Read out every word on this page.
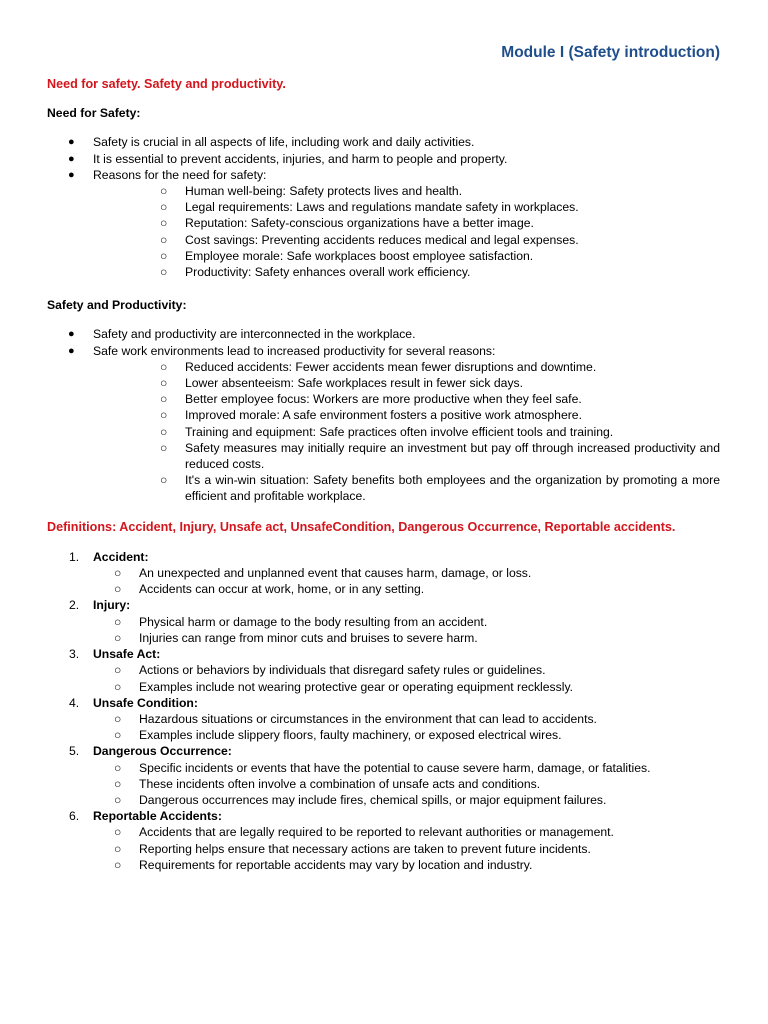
Module I (Safety introduction)

Need for safety. Safety and productivity.

Need for Safety:

● Safety is crucial in all aspects of life, including work and daily activities.
● It is essential to prevent accidents, injuries, and harm to people and property.
● Reasons for the need for safety:
○ Human well-being: Safety protects lives and health.
○ Legal requirements: Laws and regulations mandate safety in workplaces.
○ Reputation: Safety-conscious organizations have a better image.
○ Cost savings: Preventing accidents reduces medical and legal expenses.
○ Employee morale: Safe workplaces boost employee satisfaction.
○ Productivity: Safety enhances overall work efficiency.

Safety and Productivity:

● Safety and productivity are interconnected in the workplace.
● Safe work environments lead to increased productivity for several reasons:
○ Reduced accidents: Fewer accidents mean fewer disruptions and downtime.
○ Lower absenteeism: Safe workplaces result in fewer sick days.
○ Better employee focus: Workers are more productive when they feel safe.
○ Improved morale: A safe environment fosters a positive work atmosphere.
○ Training and equipment: Safe practices often involve efficient tools and training.
○ Safety measures may initially require an investment but pay off through increased productivity and reduced costs.
○ It's a win-win situation: Safety benefits both employees and the organization by promoting a more efficient and profitable workplace.

Definitions: Accident, Injury, Unsafe act, UnsafeCondition, Dangerous Occurrence, Reportable accidents.

1. Accident:
○ An unexpected and unplanned event that causes harm, damage, or loss.
○ Accidents can occur at work, home, or in any setting.
2. Injury:
○ Physical harm or damage to the body resulting from an accident.
○ Injuries can range from minor cuts and bruises to severe harm.
3. Unsafe Act:
○ Actions or behaviors by individuals that disregard safety rules or guidelines.
○ Examples include not wearing protective gear or operating equipment recklessly.
4. Unsafe Condition:
○ Hazardous situations or circumstances in the environment that can lead to accidents.
○ Examples include slippery floors, faulty machinery, or exposed electrical wires.
5. Dangerous Occurrence:
○ Specific incidents or events that have the potential to cause severe harm, damage, or fatalities.
○ These incidents often involve a combination of unsafe acts and conditions.
○ Dangerous occurrences may include fires, chemical spills, or major equipment failures.
6. Reportable Accidents:
○ Accidents that are legally required to be reported to relevant authorities or management.
○ Reporting helps ensure that necessary actions are taken to prevent future incidents.
○ Requirements for reportable accidents may vary by location and industry.
